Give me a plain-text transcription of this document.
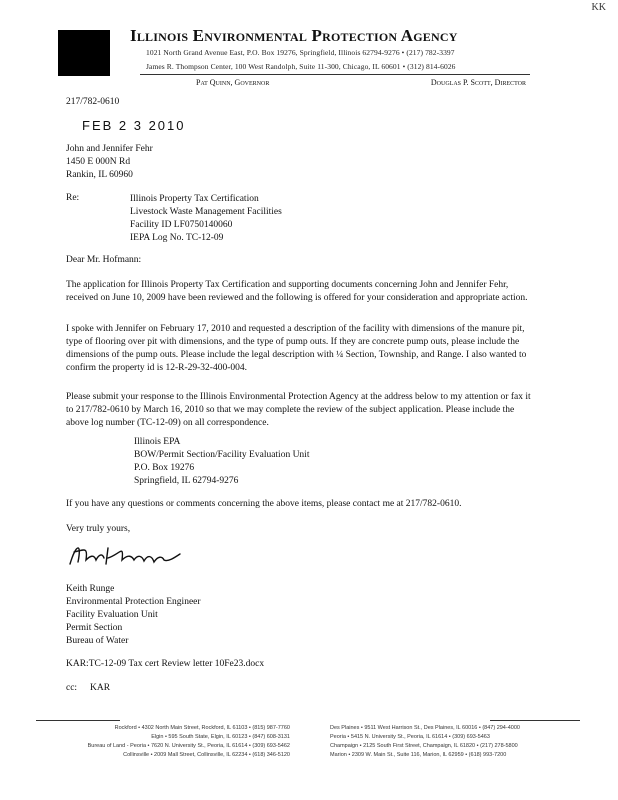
KK
Illinois Environmental Protection Agency
1021 North Grand Avenue East, P.O. Box 19276, Springfield, Illinois 62794-9276 • (217) 782-3397
James R. Thompson Center, 100 West Randolph, Suite 11-300, Chicago, IL 60601 • (312) 814-6026
Pat Quinn, Governor	Douglas P. Scott, Director
217/782-0610
FEB 2 3 2010
John and Jennifer Fehr
1450 E 000N Rd
Rankin, IL 60960
Re:	Illinois Property Tax Certification
Livestock Waste Management Facilities
Facility ID LF0750140060
IEPA Log No. TC-12-09
Dear Mr. Hofmann:
The application for Illinois Property Tax Certification and supporting documents concerning John and Jennifer Fehr, received on June 10, 2009 have been reviewed and the following is offered for your consideration and appropriate action.
I spoke with Jennifer on February 17, 2010 and requested a description of the facility with dimensions of the manure pit, type of flooring over pit with dimensions, and the type of pump outs. If they are concrete pump outs, please include the dimensions of the pump outs. Please include the legal description with ¼ Section, Township, and Range. I also wanted to confirm the property id is 12-R-29-32-400-004.
Please submit your response to the Illinois Environmental Protection Agency at the address below to my attention or fax it to 217/782-0610 by March 16, 2010 so that we may complete the review of the subject application. Please include the above log number (TC-12-09) on all correspondence.
Illinois EPA
BOW/Permit Section/Facility Evaluation Unit
P.O. Box 19276
Springfield, IL 62794-9276
If you have any questions or comments concerning the above items, please contact me at 217/782-0610.
Very truly yours,
Keith Runge
Environmental Protection Engineer
Facility Evaluation Unit
Permit Section
Bureau of Water
KAR:TC-12-09 Tax cert Review letter 10Fe23.docx
cc: KAR
Rockford • 4302 North Main Street, Rockford, IL 61103 • (815) 987-7760
Elgin • 595 South State, Elgin, IL 60123 • (847) 608-3131
Bureau of Land - Peoria • 7620 N. University St., Peoria, IL 61614 • (309) 693-5462
Collinsville • 2009 Mall Street, Collinsville, IL 62234 • (618) 346-5120
Des Plaines • 9511 West Harrison St., Des Plaines, IL 60016 • (847) 294-4000
Peoria • 5415 N. University St., Peoria, IL 61614 • (309) 693-5463
Champaign • 2125 South First Street, Champaign, IL 61820 • (217) 278-5800
Marion • 2309 W. Main St., Suite 116, Marion, IL 62959 • (618) 993-7200
